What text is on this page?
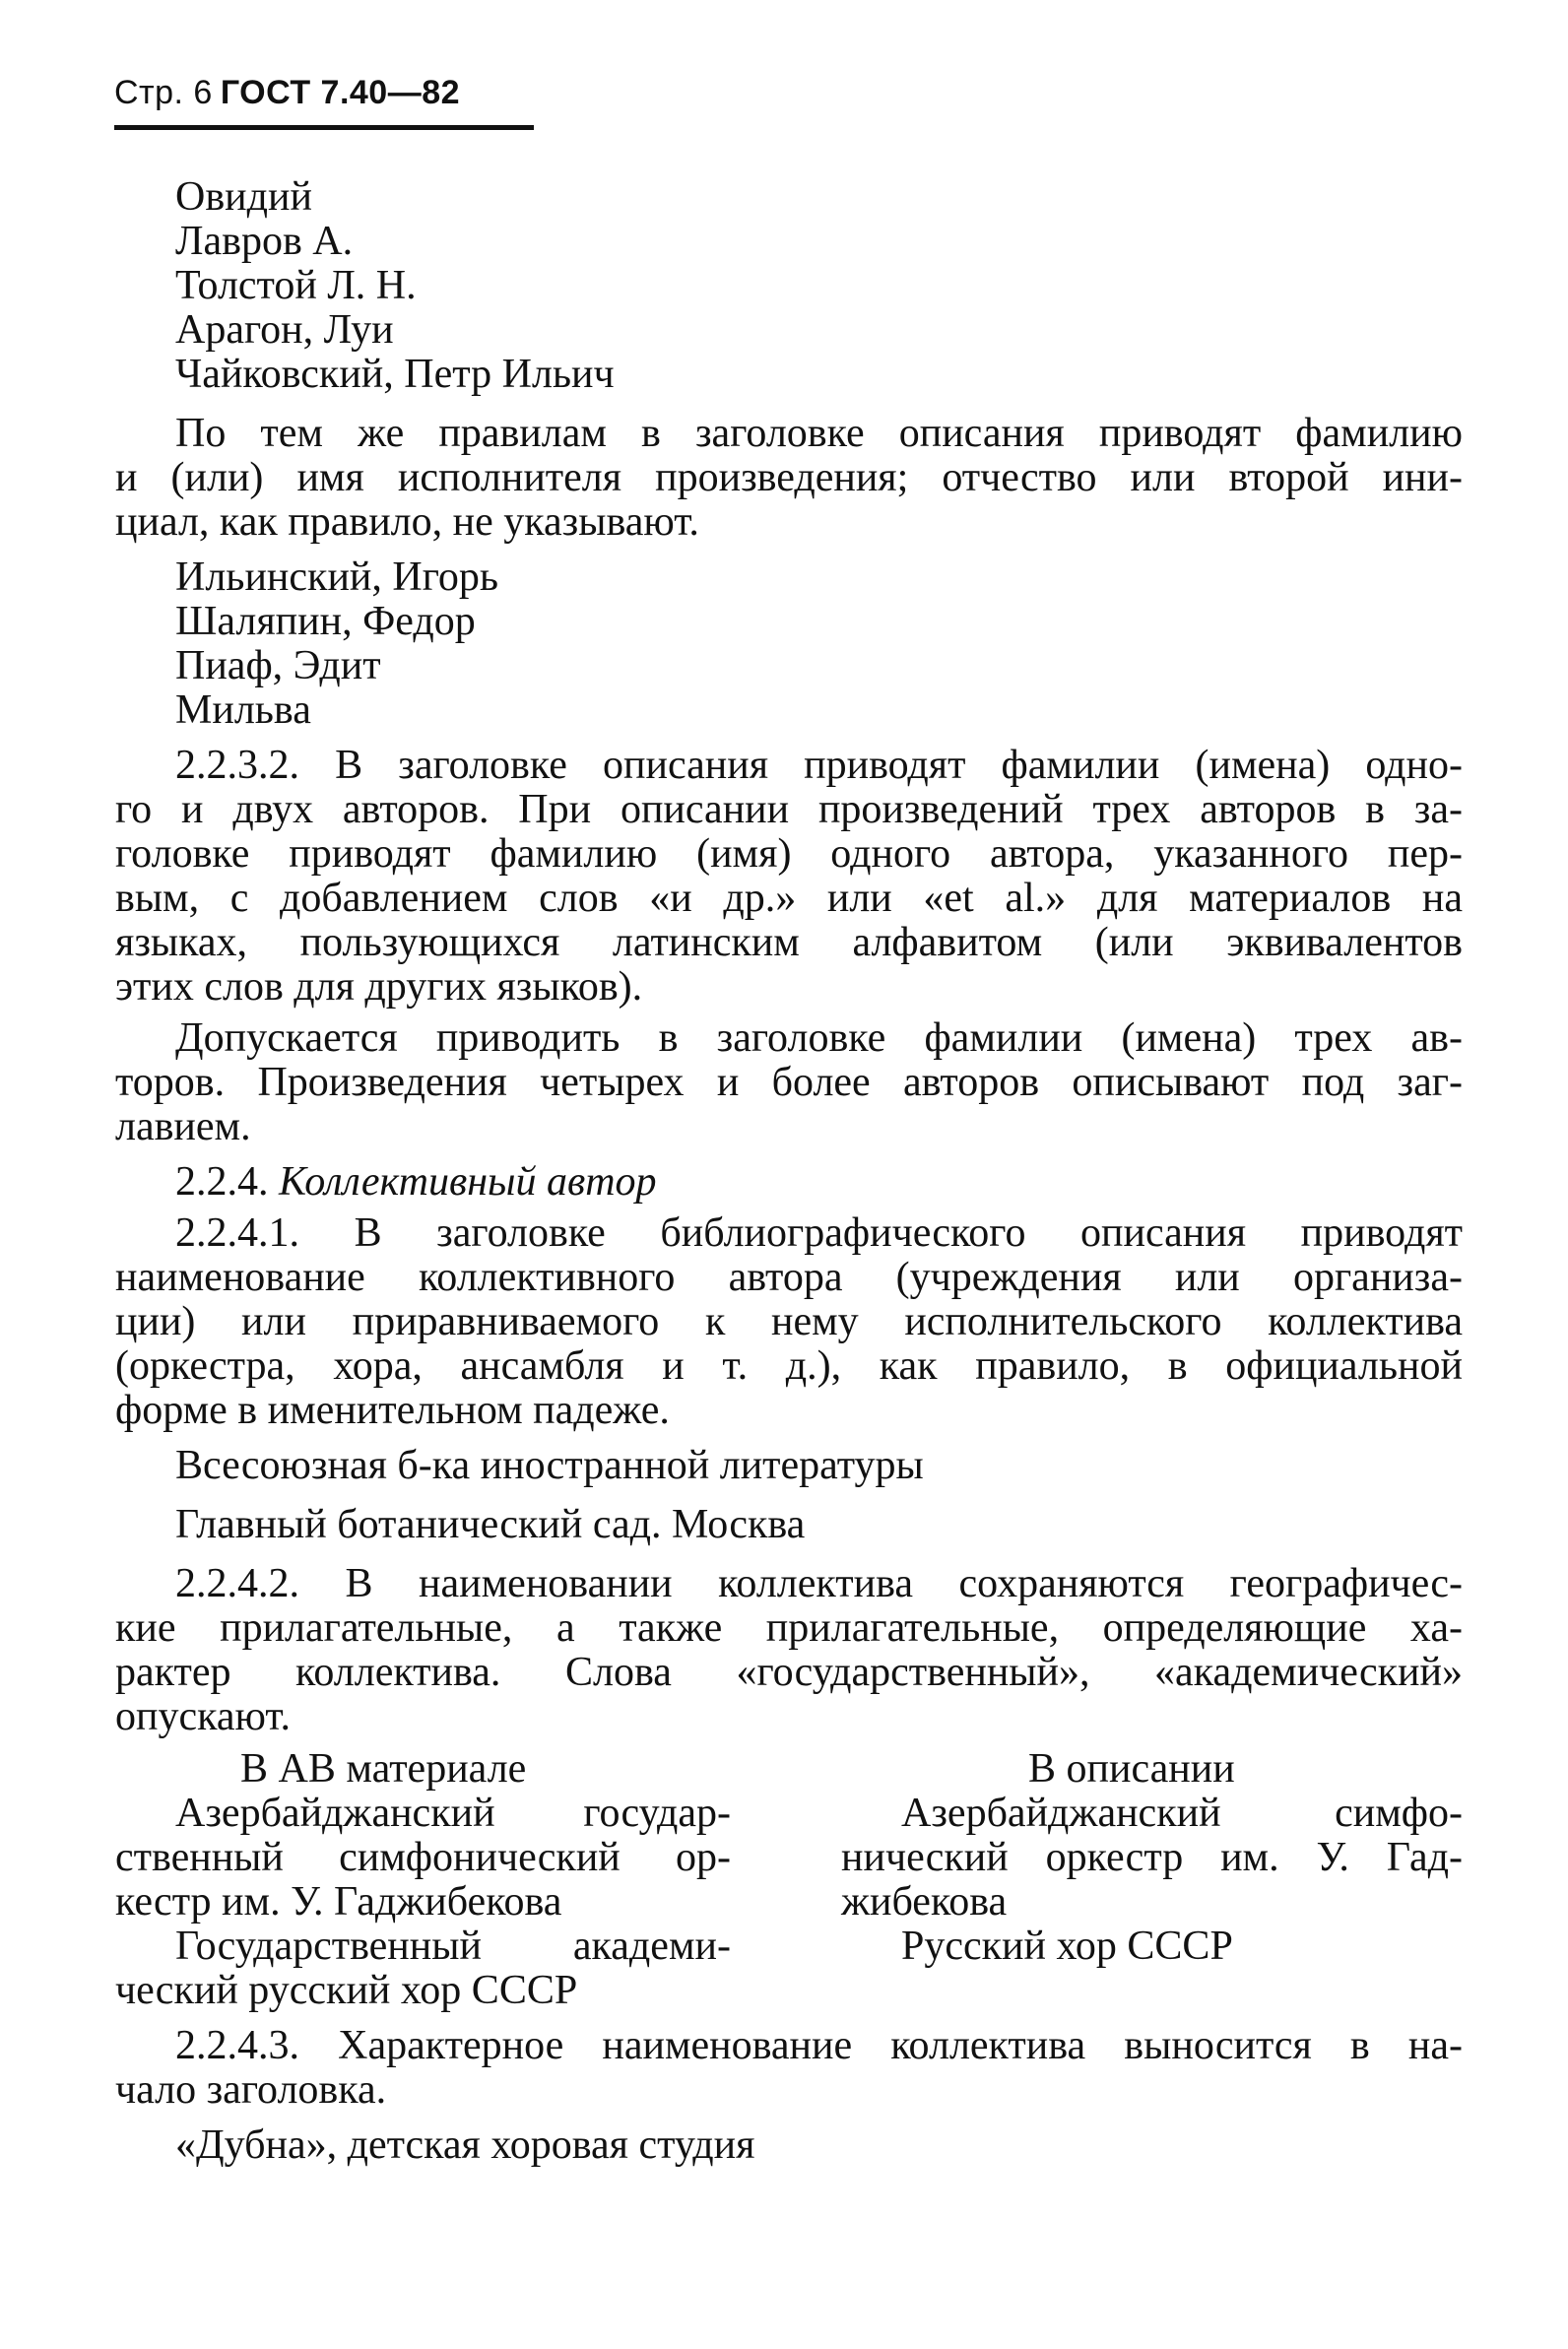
Стр. 6 ГОСТ 7.40—82
Овидий
Лавров А.
Толстой Л. Н.
Арагон, Луи
Чайковский, Петр Ильич
По тем же правилам в заголовке описания приводят фамилию
и (или) имя исполнителя произведения; отчество или второй ини-
циал, как правило, не указывают.
Ильинский, Игорь
Шаляпин, Федор
Пиаф, Эдит
Мильва
2.2.3.2. В заголовке описания приводят фамилии (имена) одно-
го и двух авторов. При описании произведений трех авторов в за-
головке приводят фамилию (имя) одного автора, указанного пер-
вым, с добавлением слов «и др.» или «et al.» для материалов на
языках, пользующихся латинским алфавитом (или эквивалентов
этих слов для других языков).
Допускается приводить в заголовке фамилии (имена) трех ав-
торов. Произведения четырех и более авторов описывают под заг-
лавием.
2.2.4. Коллективный автор
2.2.4.1. В заголовке библиографического описания приводят
наименование коллективного автора (учреждения или организа-
ции) или приравниваемого к нему исполнительского коллектива
(оркестра, хора, ансамбля и т. д.), как правило, в официальной
форме в именительном падеже.
Всесоюзная б-ка иностранной литературы
Главный ботанический сад. Москва
2.2.4.2. В наименовании коллектива сохраняются географичес-
кие прилагательные, а также прилагательные, определяющие ха-
рактер коллектива. Слова «государственный», «академический»
опускают.
В АВ материале
Азербайджанский государ-
ственный симфонический ор-
кестр им. У. Гаджибекова
Государственный академи-
ческий русский хор СССР
В описании
Азербайджанский симфо-
нический оркестр им. У. Гад-
жибекова
Русский хор СССР
2.2.4.3. Характерное наименование коллектива выносится в на-
чало заголовка.
«Дубна», детская хоровая студия
